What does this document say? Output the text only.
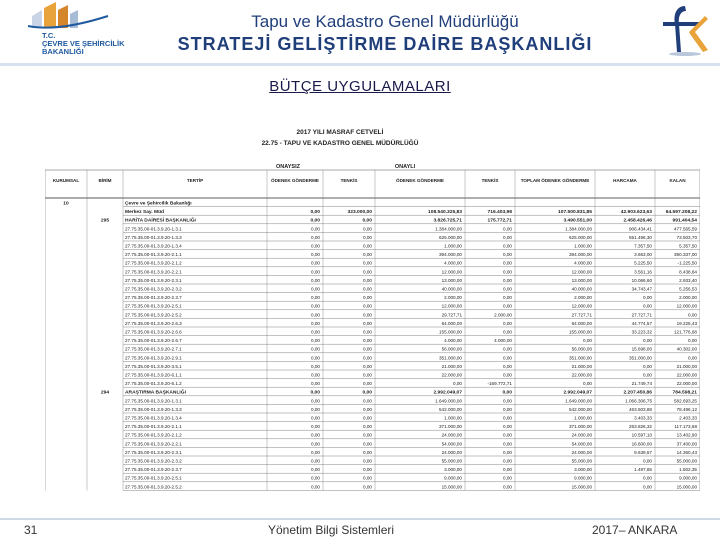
T.C.
ÇEVRE VE ŞEHİRCİLİK
BAKANLIĞI
Tapu ve Kadastro Genel Müdürlüğü
STRATEJİ GELİŞTİRME DAİRE BAŞKANLIĞI
BÜTÇE UYGULAMALARI
2017 YILI MASRAF CETVELİ
22.75 - TAPU VE KADASTRO GENEL MÜDÜRLÜĞÜ
ONAYSIZ	ONAYLI
KURUMSAL	BİRİM	TERTİP	ÖDENEK GÖNDERME	TENKİS	ÖDENEK GÖNDERME	TENKİS	TOPLAM ÖDENEK GÖNDERME	HARCAMA	KALAN
10	Çevre ve Şehircilik Bakanlığı
Merkez Say. Müd	0,00	323.000,00	108.540.325,83	716.403,98	107.500.831,85	42.903.623,63	64.597.208,22
295	HARİTA DAİRESİ BAŞKANLIĞI	0,00	0,00	3.826.725,71	175.772,71	3.490.551,00	2.458.426,46	991.404,54
27.75.35.00-01.3.9.20-1.3.1	0,00	0,00	1.384.000,00	0,00	1.384.000,00	906.434,41	477.565,59
27.75.35.00-01.3.9.20-1.3.3	0,00	0,00	625.000,00	0,00	625.000,00	551.496,30	73.503,70
27.75.35.00-01.3.9.20-1.3.4	0,00	0,00	1.000,00	0,00	1.000,00	7.357,50	5.357,50
27.75.35.00-01.3.9.20-2.1.1	0,00	0,00	394.000,00	0,00	394.000,00	3.663,00	390.337,00
27.75.35.00-01.3.9.20-2.1.2	0,00	0,00	4.000,00	0,00	4.000,00	5.225,50	-1.225,50
27.75.35.00-01.3.9.20-2.2.1	0,00	0,00	12.000,00	0,00	12.000,00	3.561,16	8.438,84
27.75.35.00-01.3.9.20-2.3.1	0,00	0,00	13.000,00	0,00	13.000,00	10.066,60	2.933,40
27.75.35.00-01.3.9.20-2.3.2	0,00	0,00	40.000,00	0,00	40.000,00	34.743,47	5.256,53
27.75.35.00-01.3.9.20-2.3.7	0,00	0,00	2.000,00	0,00	2.000,00	0,00	2.000,00
27.75.35.00-01.3.9.20-2.5.1	0,00	0,00	12.000,00	0,00	12.000,00	0,00	12.000,00
27.75.35.00-01.3.9.20-2.5.2	0,00	0,00	29.727,71	2.000,00	27.727,71	27.727,71	0,00
27.75.35.00-01.3.9.20-2.6.3	0,00	0,00	64.000,00	0,00	64.000,00	44.774,57	19.225,43
27.75.35.00-01.3.9.20-2.6.6	0,00	0,00	155.000,00	0,00	155.000,00	33.223,32	121.776,68
27.75.35.00-01.3.9.20-2.6.7	0,00	0,00	4.000,00	4.000,00	0,00	0,00	0,00
27.75.35.00-01.3.9.20-2.7.1	0,00	0,00	56.000,00	0,00	56.000,00	15.698,00	40.302,00
27.75.35.00-01.3.9.20-2.9.1	0,00	0,00	351.000,00	0,00	351.000,00	351.000,00	0,00
27.75.35.00-01.3.9.20-3.5.1	0,00	0,00	21.000,00	0,00	21.000,00	0,00	21.000,00
27.75.35.00-01.3.9.20-6.1.1	0,00	0,00	22.000,00	0,00	22.000,00	0,00	22.000,00
27.75.35.00-01.3.9.20-6.1.2	0,00	0,00	0,00	-169.772,71	0,00	21.749,74	22.000,00
294	ARAŞTIRMA BAŞKANLIĞI	0,00	0,00	2.992.049,07	0,00	2.992.049,07	2.207.450,86	784.598,21
27.75.35.00-01.3.9.20-1.3.1	0,00	0,00	1.649.000,00	0,00	1.649.000,00	1.066.306,75	582.693,25
27.75.35.00-01.3.9.20-1.3.3	0,00	0,00	542.000,00	0,00	542.000,00	463.503,88	78.496,12
27.75.35.00-01.3.9.20-1.3.4	0,00	0,00	1.000,00	0,00	1.000,00	3.403,33	2.403,33
27.75.35.00-01.3.9.20-2.1.1	0,00	0,00	371.000,00	0,00	371.000,00	253.826,32	117.173,68
27.75.35.00-01.3.9.20-2.1.2	0,00	0,00	24.000,00	0,00	24.000,00	10.597,10	13.402,90
27.75.35.00-01.3.9.20-2.2.1	0,00	0,00	54.000,00	0,00	54.000,00	16.600,00	37.400,00
27.75.35.00-01.3.9.20-2.3.1	0,00	0,00	24.000,00	0,00	24.000,00	9.639,57	14.360,43
27.75.35.00-01.3.9.20-2.3.2	0,00	0,00	55.000,00	0,00	55.000,00	0,00	55.000,00
27.75.35.00-01.3.9.20-2.3.7	0,00	0,00	3.000,00	0,00	3.000,00	1.497,65	1.502,35
27.75.35.00-01.3.9.20-2.5.1	0,00	0,00	9.000,00	0,00	9.000,00	0,00	9.000,00
27.75.35.00-01.3.9.20-2.5.2	0,00	0,00	15.000,00	0,00	15.000,00	0,00	15.000,00
31	Yönetim Bilgi Sistemleri	2017– ANKARA
